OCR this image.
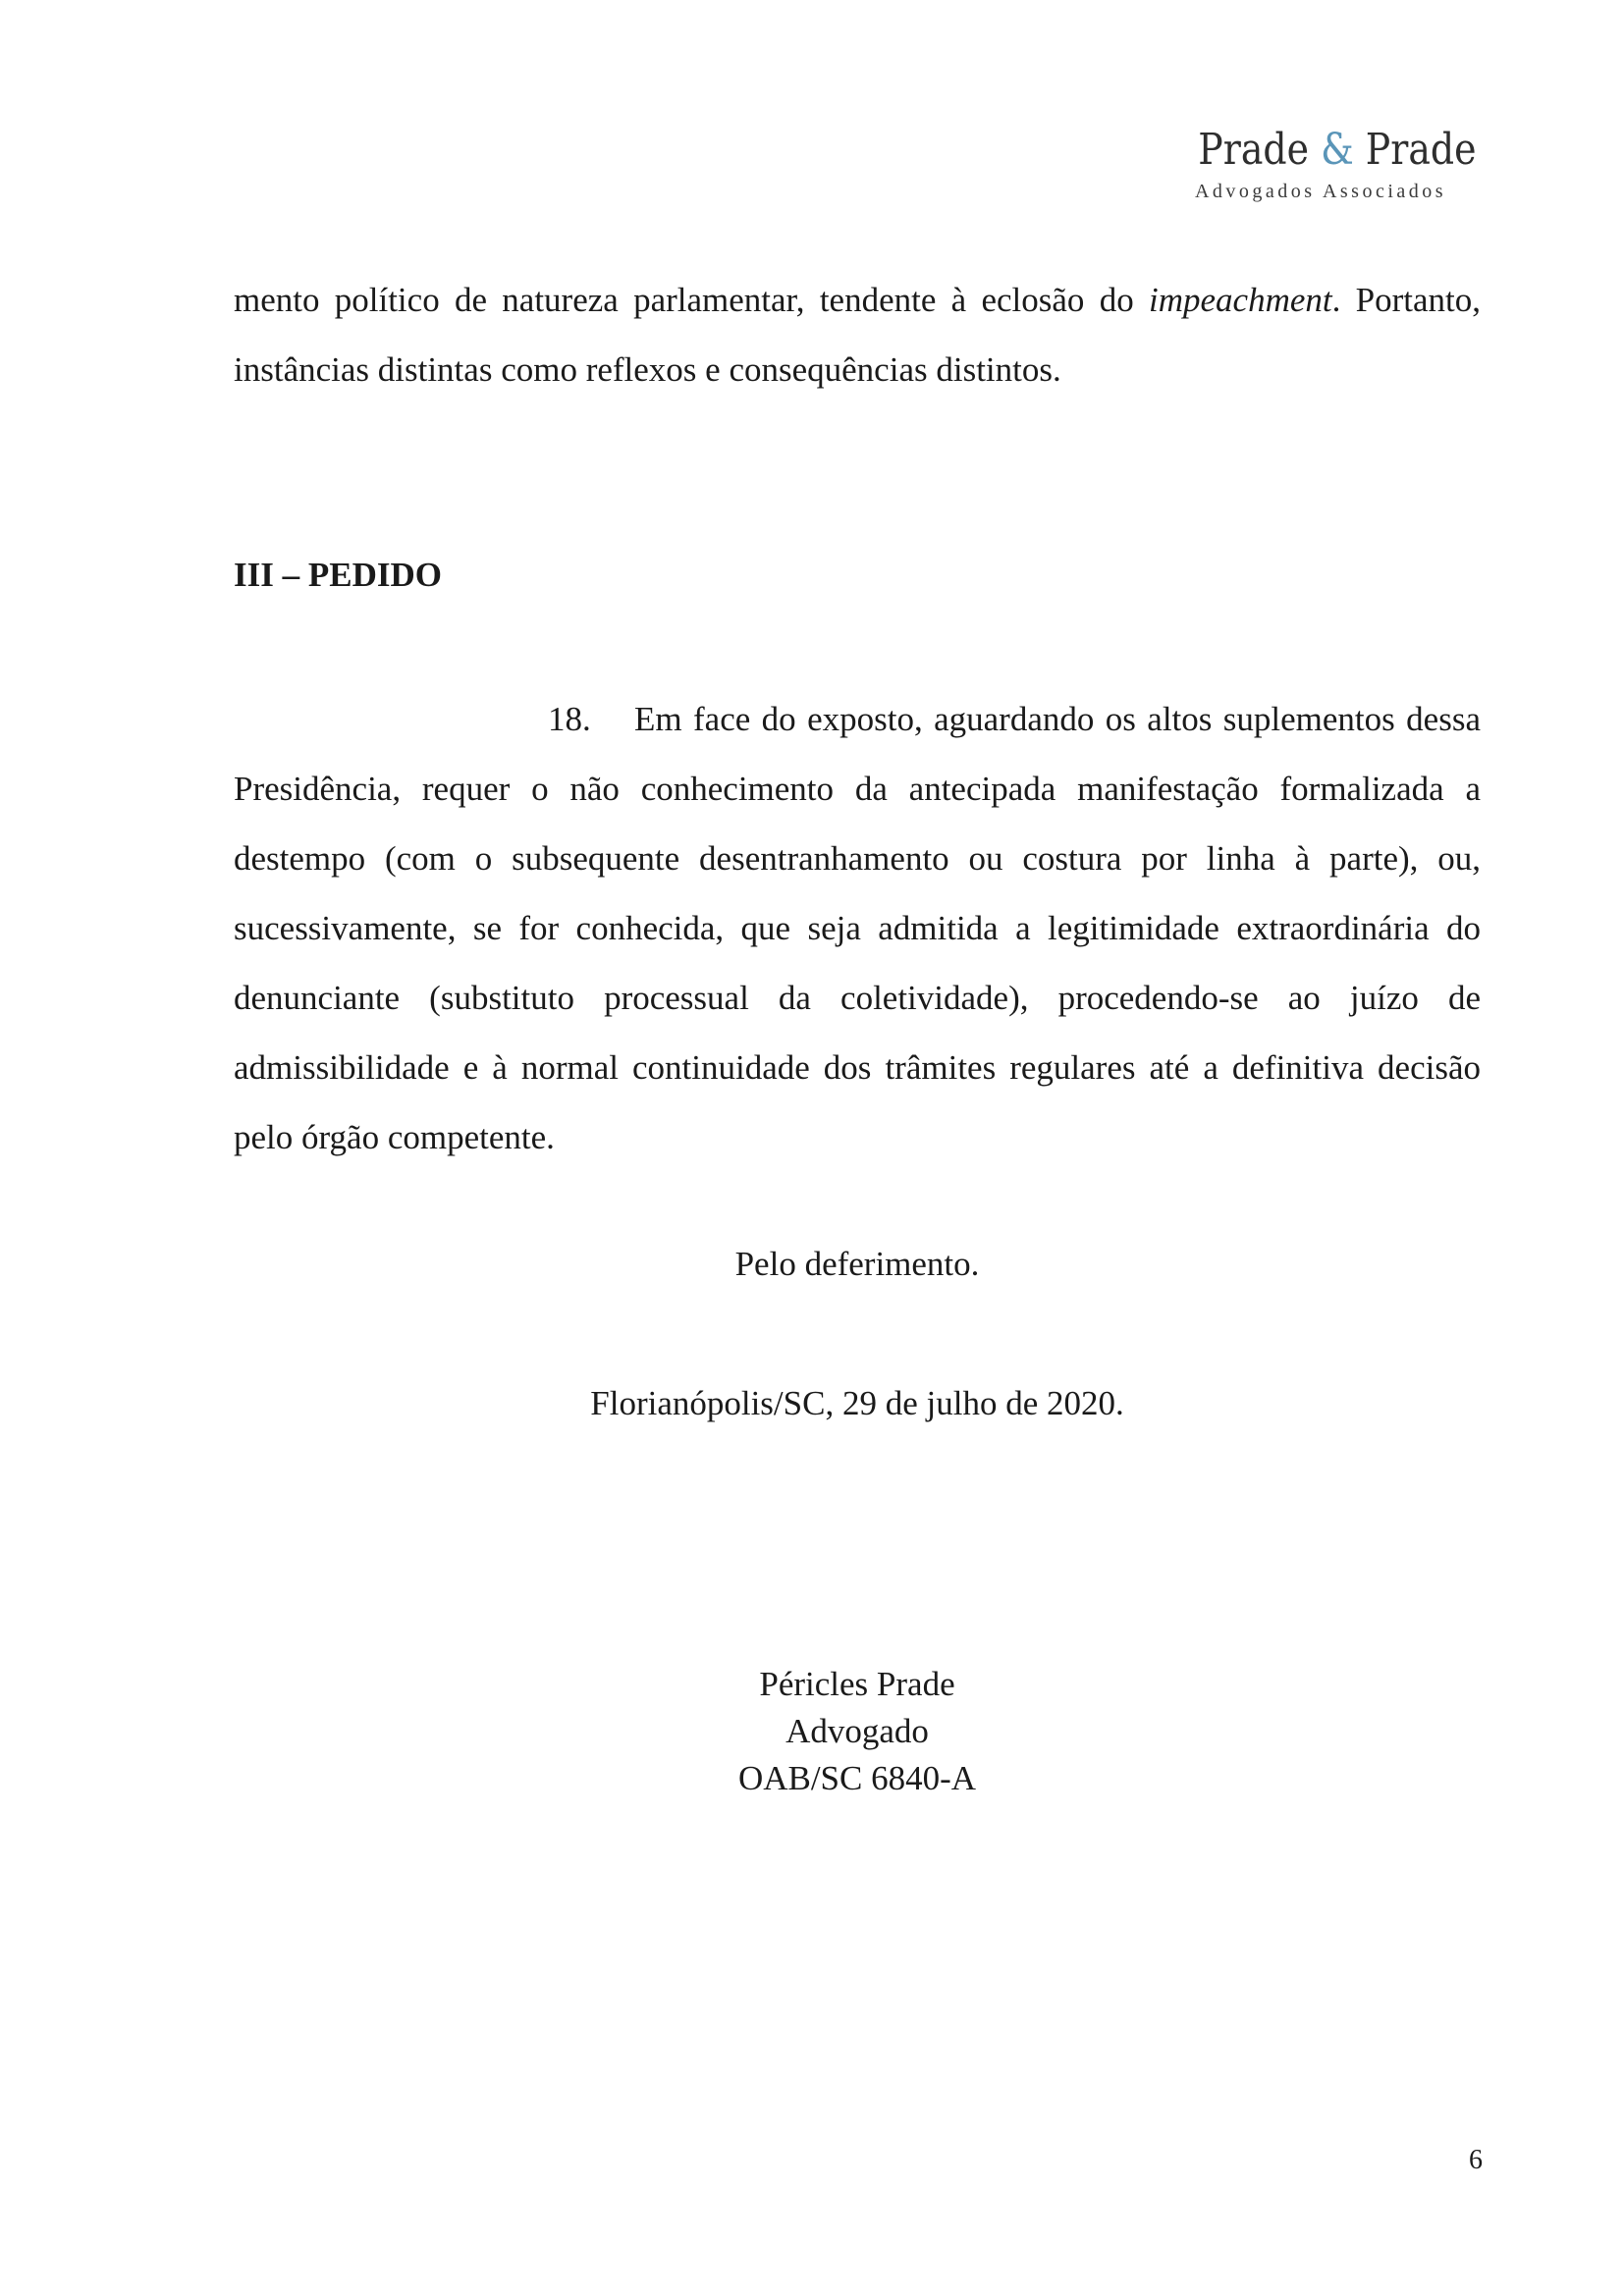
Prade & Prade
Advogados Associados

mento político de natureza parlamentar, tendente à eclosão do impeachment. Portanto, instâncias distintas como reflexos e consequências distintos.

III – PEDIDO

18. Em face do exposto, aguardando os altos suplementos dessa Presidência, requer o não conhecimento da antecipada manifestação formalizada a destempo (com o subsequente desentranhamento ou costura por linha à parte), ou, sucessivamente, se for conhecida, que seja admitida a legitimidade extraordinária do denunciante (substituto processual da coletividade), procedendo-se ao juízo de admissibilidade e à normal continuidade dos trâmites regulares até a definitiva decisão pelo órgão competente.

Pelo deferimento.

Florianópolis/SC, 29 de julho de 2020.

Péricles Prade
Advogado
OAB/SC 6840-A

6
